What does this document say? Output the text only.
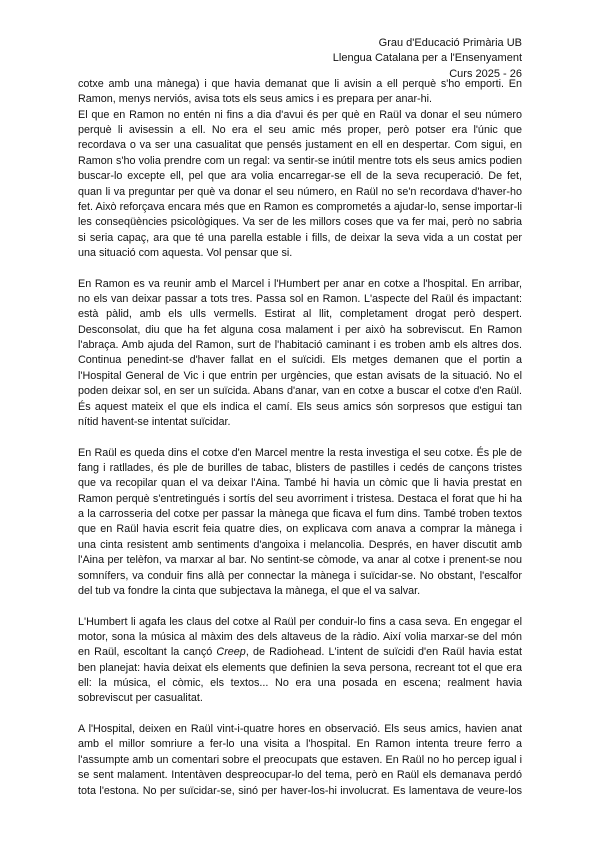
Grau d'Educació Primària UB
Llengua Catalana per a l'Ensenyament
Curs 2025 - 26
cotxe amb una mànega) i que havia demanat que li avisin a ell perquè s'ho emporti. En
Ramon, menys nerviós, avisa tots els seus amics i es prepara per anar-hi.
El que en Ramon no entén ni fins a dia d'avui és per què en Raül va donar el seu número
perquè li avisessin a ell. No era el seu amic més proper, però potser era l'únic que
recordava o va ser una casualitat que pensés justament en ell en despertar. Com sigui, en
Ramon s'ho volia prendre com un regal: va sentir-se inútil mentre tots els seus amics podien
buscar-lo excepte ell, pel que ara volia encarregar-se ell de la seva recuperació. De fet,
quan li va preguntar per què va donar el seu número, en Raül no se'n recordava d'haver-ho
fet. Això reforçava encara més que en Ramon es comprometés a ajudar-lo, sense importar-li
les conseqüències psicològiques. Va ser de les millors coses que va fer mai, però no sabria
si seria capaç, ara que té una parella estable i fills, de deixar la seva vida a un costat per
una situació com aquesta. Vol pensar que si.
En Ramon es va reunir amb el Marcel i l'Humbert per anar en cotxe a l'hospital. En arribar,
no els van deixar passar a tots tres. Passa sol en Ramon. L'aspecte del Raül és impactant:
està pàlid, amb els ulls vermells. Estirat al llit, completament drogat però despert.
Desconsolat, diu que ha fet alguna cosa malament i per això ha sobreviscut. En Ramon
l'abraça. Amb ajuda del Ramon, surt de l'habitació caminant i es troben amb els altres dos.
Continua penedint-se d'haver fallat en el suïcidi. Els metges demanen que el portin a
l'Hospital General de Vic i que entrin per urgències, que estan avisats de la situació. No el
poden deixar sol, en ser un suïcida. Abans d'anar, van en cotxe a buscar el cotxe d'en Raül.
És aquest mateix el que els indica el camí. Els seus amics són sorpresos que estigui tan
nítid havent-se intentat suïcidar.
En Raül es queda dins el cotxe d'en Marcel mentre la resta investiga el seu cotxe. És ple de
fang i ratllades, és ple de burilles de tabac, blisters de pastilles i cedés de cançons tristes
que va recopilar quan el va deixar l'Aina. També hi havia un còmic que li havia prestat en
Ramon perquè s'entretingués i sortís del seu avorriment i tristesa. Destaca el forat que hi ha
a la carrosseria del cotxe per passar la mànega que ficava el fum dins. També troben textos
que en Raül havia escrit feia quatre dies, on explicava com anava a comprar la mànega i
una cinta resistent amb sentiments d'angoixa i melancolia. Després, en haver discutit amb
l'Aina per telèfon, va marxar al bar. No sentint-se còmode, va anar al cotxe i prenent-se nou
somnífers, va conduir fins allà per connectar la mànega i suïcidar-se. No obstant, l'escalfor
del tub va fondre la cinta que subjectava la mànega, el que el va salvar.
L'Humbert li agafa les claus del cotxe al Raül per conduir-lo fins a casa seva. En engegar el
motor, sona la música al màxim des dels altaveus de la ràdio. Així volia marxar-se del món
en Raül, escoltant la cançó Creep, de Radiohead. L'intent de suïcidi d'en Raül havia estat
ben planejat: havia deixat els elements que definien la seva persona, recreant tot el que era
ell: la música, el còmic, els textos... No era una posada en escena; realment havia
sobreviscut per casualitat.
A l'Hospital, deixen en Raül vint-i-quatre hores en observació. Els seus amics, havien anat
amb el millor somriure a fer-lo una visita a l'hospital. En Ramon intenta treure ferro a
l'assumpte amb un comentari sobre el preocupats que estaven. En Raül no ho percep igual i
se sent malament. Intentàven despreocupar-lo del tema, però en Raül els demanava perdó
tota l'estona. No per suïcidar-se, sinó per haver-los-hi involucrat. Es lamentava de veure-los
